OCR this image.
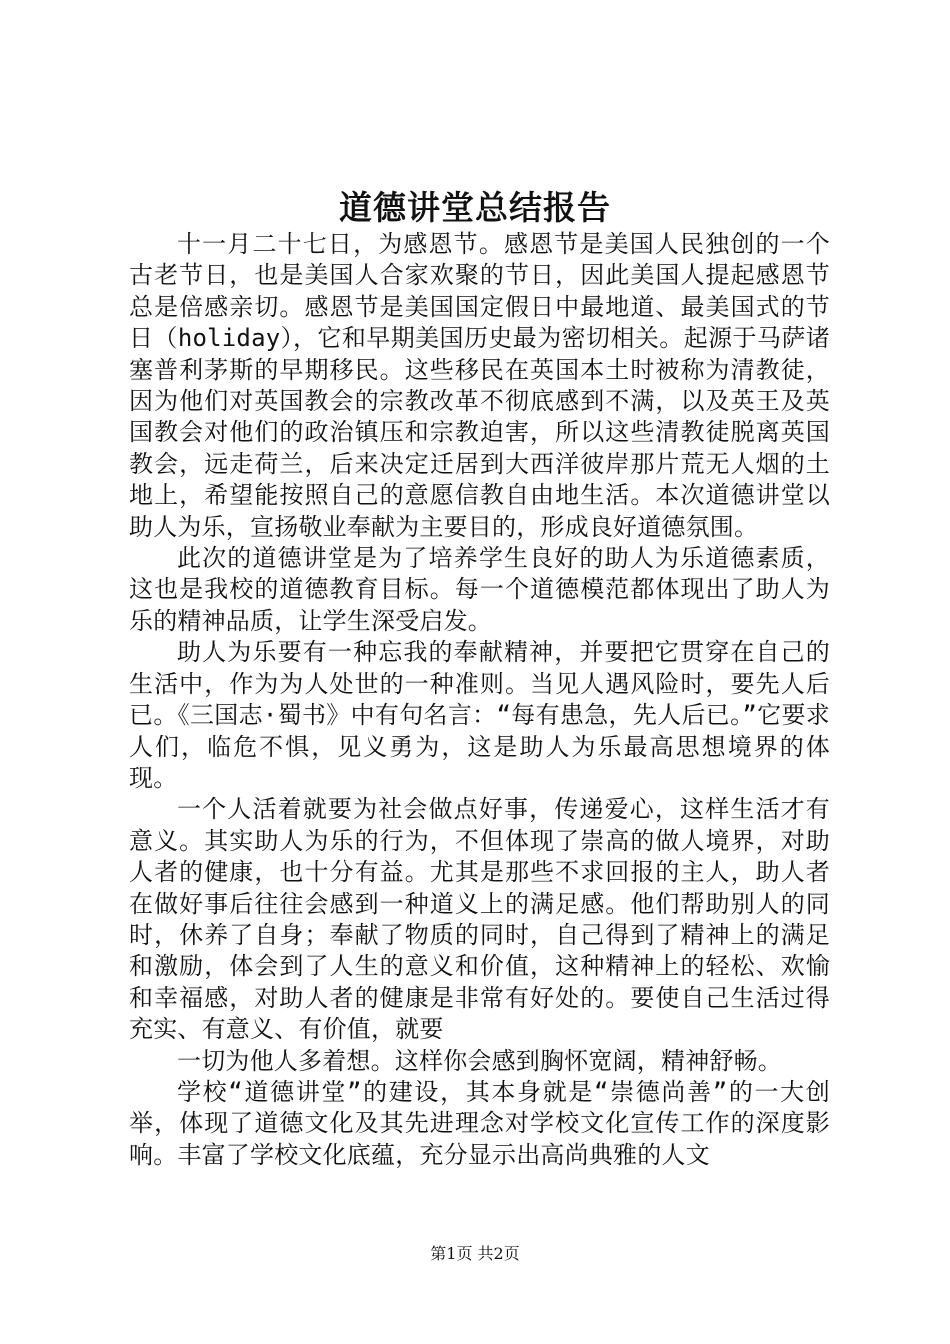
道德讲堂总结报告

十一月二十七日，为感恩节。感恩节是美国人民独创的一个古老节日，也是美国人合家欢聚的节日，因此美国人提起感恩节总是倍感亲切。感恩节是美国国定假日中最地道、最美国式的节日（holiday），它和早期美国历史最为密切相关。起源于马萨诸塞普利茅斯的早期移民。这些移民在英国本土时被称为清教徒，因为他们对英国教会的宗教改革不彻底感到不满，以及英王及英国教会对他们的政治镇压和宗教迫害，所以这些清教徒脱离英国教会，远走荷兰，后来决定迁居到大西洋彼岸那片荒无人烟的土地上，希望能按照自己的意愿信教自由地生活。本次道德讲堂以助人为乐，宣扬敬业奉献为主要目的，形成良好道德氛围。

此次的道德讲堂是为了培养学生良好的助人为乐道德素质，这也是我校的道德教育目标。每一个道德模范都体现出了助人为乐的精神品质，让学生深受启发。

助人为乐要有一种忘我的奉献精神，并要把它贯穿在自己的生活中，作为为人处世的一种准则。当见人遇风险时，要先人后已。《三国志·蜀书》中有句名言：“每有患急，先人后已。”它要求人们，临危不惧，见义勇为，这是助人为乐最高思想境界的体现。

一个人活着就要为社会做点好事，传递爱心，这样生活才有意义。其实助人为乐的行为，不但体现了崇高的做人境界，对助人者的健康，也十分有益。尤其是那些不求回报的主人，助人者在做好事后往往会感到一种道义上的满足感。他们帮助别人的同时，休养了自身；奉献了物质的同时，自己得到了精神上的满足和激励，体会到了人生的意义和价值，这种精神上的轻松、欢愉和幸福感，对助人者的健康是非常有好处的。要使自己生活过得充实、有意义、有价值，就要

一切为他人多着想。这样你会感到胸怀宽阔，精神舒畅。

学校“道德讲堂”的建设，其本身就是“崇德尚善”的一大创举，体现了道德文化及其先进理念对学校文化宣传工作的深度影响。丰富了学校文化底蕴，充分显示出高尚典雅的人文

第1页 共2页
